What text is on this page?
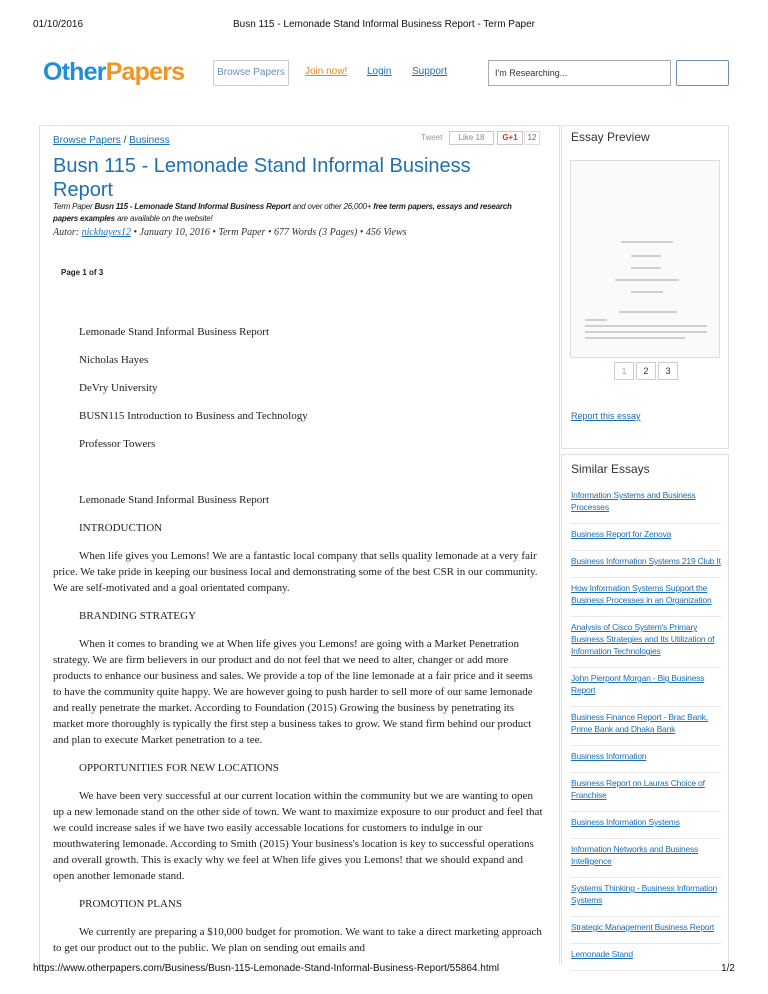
01/10/2016	Busn 115 - Lemonade Stand Informal Business Report - Term Paper
OtherPapers	Browse Papers	Join now! Login Support	I'm Researching...
Browse Papers / Business	Tweet	Like 18	G+1	12
Busn 115 - Lemonade Stand Informal Business Report
Term Paper Busn 115 - Lemonade Stand Informal Business Report and over other 26,000+ free term papers, essays and research papers examples are available on the website!
Autor: nickhayes12 • January 10, 2016 • Term Paper • 677 Words (3 Pages) • 456 Views
Page 1 of 3
Lemonade Stand Informal Business Report
Nicholas Hayes
DeVry University
BUSN115 Introduction to Business and Technology
Professor Towers
Lemonade Stand Informal Business Report
INTRODUCTION
When life gives you Lemons! We are a fantastic local company that sells quality lemonade at a very fair price. We take pride in keeping our business local and demonstrating some of the best CSR in our community. We are self-motivated and a goal orientated company.
BRANDING STRATEGY
When it comes to branding we at When life gives you Lemons! are going with a Market Penetration strategy. We are firm believers in our product and do not feel that we need to alter, changer or add more products to enhance our business and sales. We provide a top of the line lemonade at a fair price and it seems to have the community quite happy. We are however going to push harder to sell more of our same lemonade and really penetrate the market. According to Foundation (2015) Growing the business by penetrating its market more thoroughly is typically the first step a business takes to grow. We stand firm behind our product and plan to execute Market penetration to a tee.
OPPORTUNITIES FOR NEW LOCATIONS
We have been very successful at our current location within the community but we are wanting to open up a new lemonade stand on the other side of town. We want to maximize exposure to our product and feel that we could increase sales if we have two easily accessable locations for customers to indulge in our mouthwatering lemonade. According to Smith (2015) Your business's location is key to successful operations and overall growth. This is exacly why we feel at When life gives you Lemons! that we should expand and open another lemonade stand.
PROMOTION PLANS
We currently are preparing a $10,000 budget for promotion. We want to take a direct marketing approach to get our product out to the public. We plan on sending out emails and
Essay Preview
1	2	3
Report this essay
Similar Essays
Information Systems and Business Processes
Business Report for Zenova
Business Information Systems 219 Club It
How Information Systems Support the Business Processes in an Organization
Analysis of Cisco System's Primary Business Strategies and Its Utilization of Information Technologies
John Pierpont Morgan - Big Business Report
Business Finance Report - Brac Bank, Prime Bank and Dhaka Bank
Business Information
Business Report on Lauras Choice of Franchise
Business Information Systems
Information Networks and Business Intelligence
Systems Thinking - Business Information Systems
Strategic Management Business Report
Lemonade Stand
https://www.otherpapers.com/Business/Busn-115-Lemonade-Stand-Informal-Business-Report/55864.html	1/2
